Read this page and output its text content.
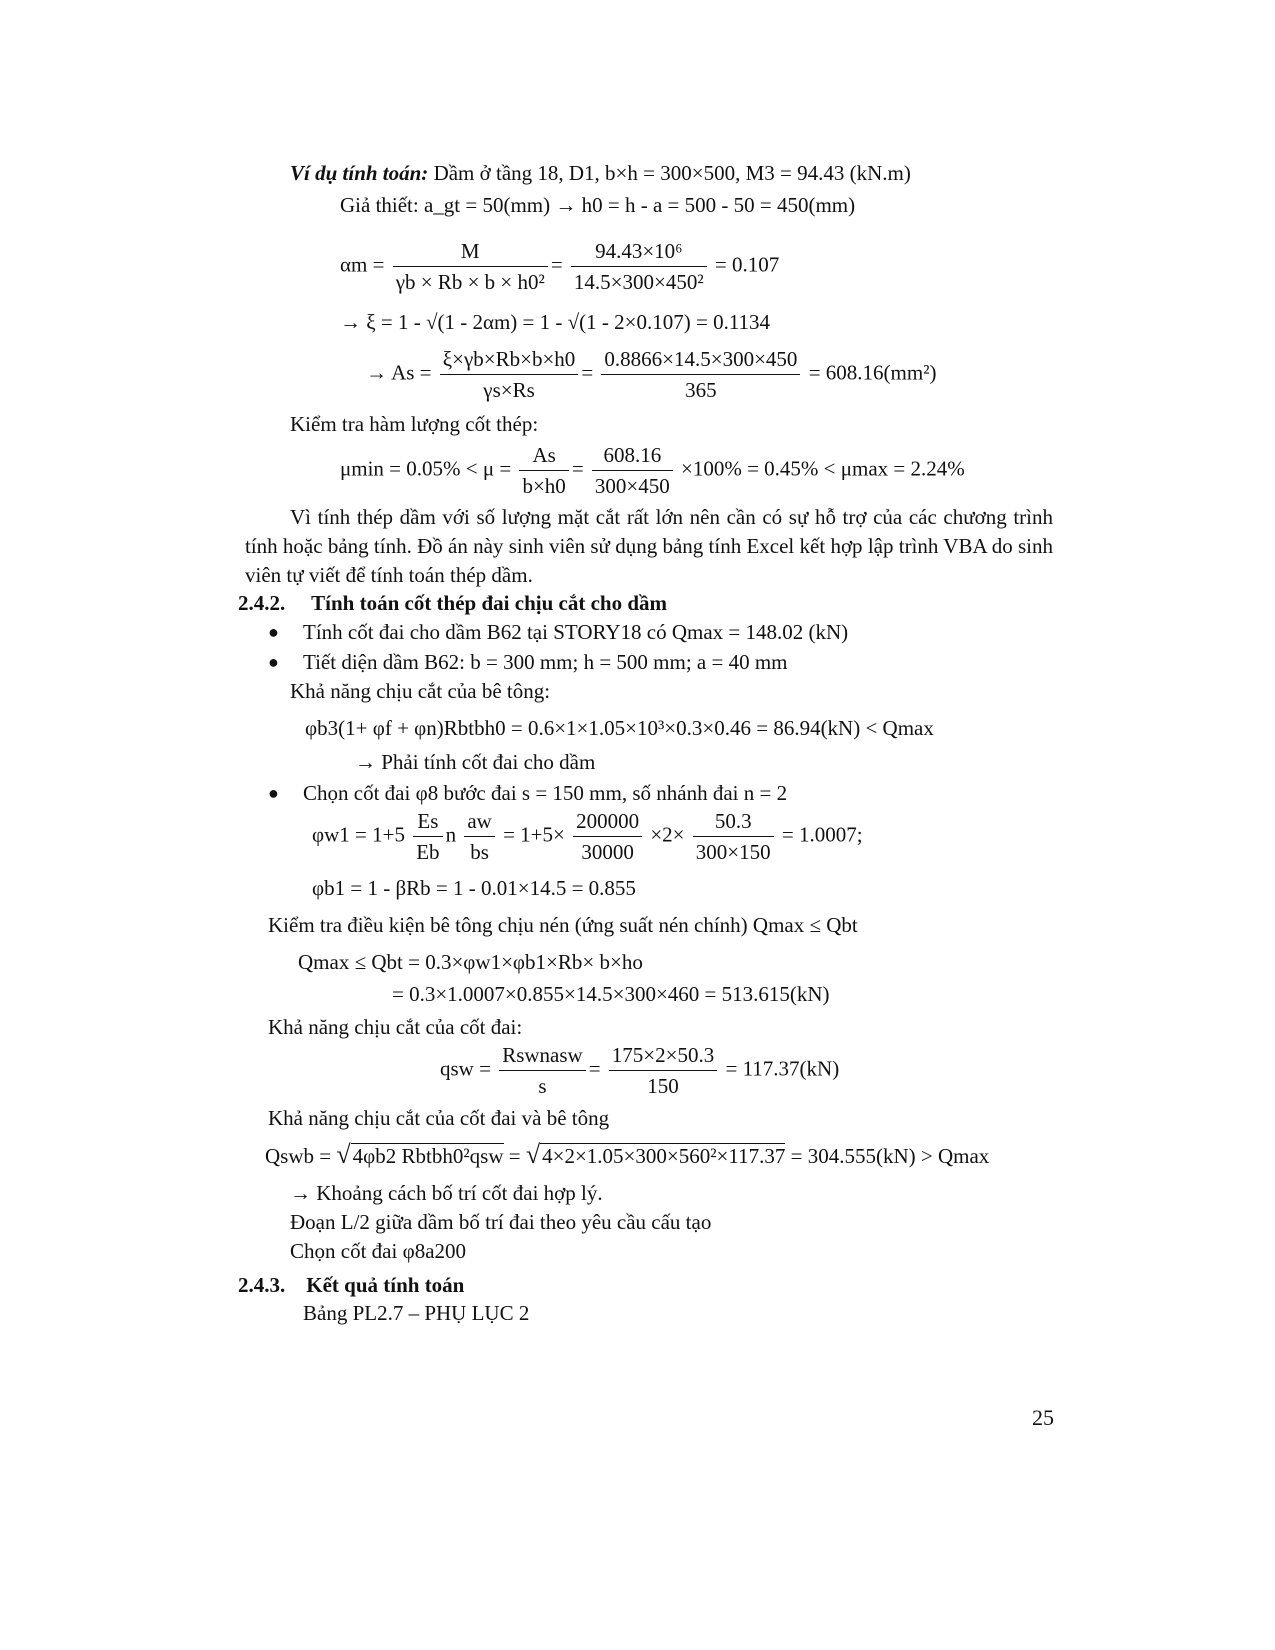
Ví dụ tính toán: Dầm ở tầng 18, D1, b×h = 300×500, M3 = 94.43 (kN.m)
Giả thiết: a_gt = 50(mm) → h0 = h - a = 500 - 50 = 450(mm)
$\alpha m = \frac{M}{\text{γb × Rb × b × h0²}} = \frac{\text{94.43×10⁶}}{\text{14.5×300×450²}} = 0.107$
→ ξ = 1 - √(1 - 2αm) = 1 - √(1 - 2×0.107) = 0.1134
→ $As = \frac{\xi\times\gamma b\times Rb\times b\times h0}{\gamma s\times Rs} = \frac{0.8866\times 14.5\times 300\times 450}{365} = 608.16(mm^2)$
Kiểm tra hàm lượng cốt thép:
$\mu\min = 0.05\% < \mu = \frac{As}{b\times h0} = \frac{608.16}{300\times 450} \times 100\% = 0.45\% < \mu\max = 2.24\%$
Vì tính thép dầm với số lượng mặt cắt rất lớn nên cần có sự hỗ trợ của các chương trình tính hoặc bảng tính. Đồ án này sinh viên sử dụng bảng tính Excel kết hợp lập trình VBA do sinh viên tự viết để tính toán thép dầm.
2.4.2. Tính toán cốt thép đai chịu cắt cho dầm
● Tính cốt đai cho dầm B62 tại STORY18 có Qmax = 148.02 (kN)
● Tiết diện dầm B62: b = 300 mm; h = 500 mm; a = 40 mm
Khả năng chịu cắt của bê tông:
φb3(1+ φf + φn)Rbtbh0 = 0.6×1×1.05×10³×0.3×0.46 = 86.94(kN) < Qmax
→ Phải tính cốt đai cho dầm
● Chọn cốt đai φ8 bước đai s = 150 mm, số nhánh đai n = 2
$\varphi w1 = 1+5 \frac{Es}{Eb}$ n $\frac{aw}{bs} = 1+5\times \frac{200000}{30000} \times 2\times \frac{50.3}{300\times 150} = 1.0007$;
φb1 = 1 - βRb = 1 - 0.01×14.5 = 0.855
Kiểm tra điều kiện bê tông chịu nén (ứng suất nén chính) Qmax ≤ Qbt
Qmax ≤ Qbt = 0.3×φw1×φb1×Rb× b×ho
= 0.3×1.0007×0.855×14.5×300×460 = 513.615(kN)
Khả năng chịu cắt của cốt đai:
qsw = $\frac{\text{Rswnasw}}{s} = \frac{175\times 2\times 50.3}{150} = 117.37(kN)$
Khả năng chịu cắt của cốt đai và bê tông
Qswb = √4φb2 Rbtbh0²qsw = √4×2×1.05×300×560²×117.37 = 304.555(kN) > Qmax
→ Khoảng cách bố trí cốt đai hợp lý.
Đoạn L/2 giữa dầm bố trí đai theo yêu cầu cấu tạo
Chọn cốt đai φ8a200
2.4.3. Kết quả tính toán
Bảng PL2.7 – PHỤ LỤC 2
25
